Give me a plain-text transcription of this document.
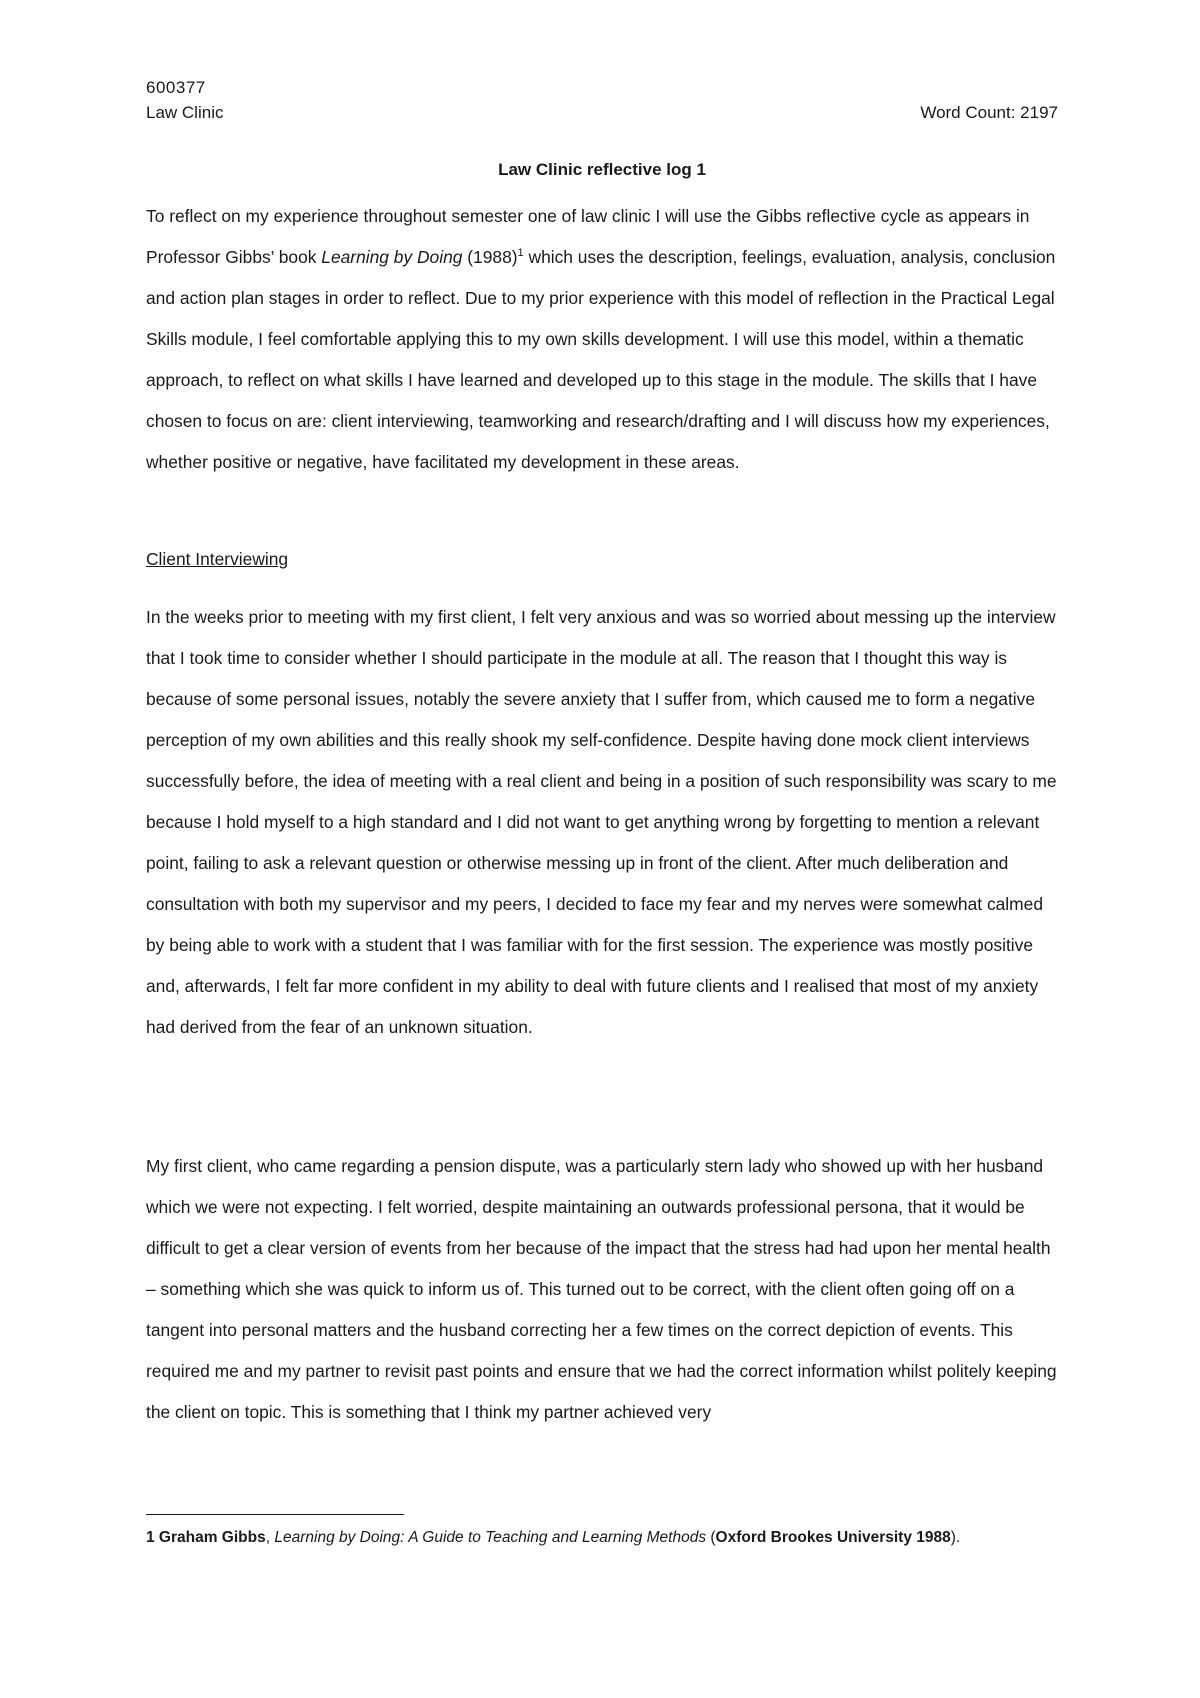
600377
Law Clinic	Word Count: 2197
Law Clinic reflective log 1

To reflect on my experience throughout semester one of law clinic I will use the Gibbs reflective cycle as appears in Professor Gibbs’ book Learning by Doing $(1988)^1$ which uses the description, feelings, evaluation, analysis, conclusion and action plan stages in order to reflect. Due to my prior experience with this model of reflection in the Practical Legal Skills module, I feel comfortable applying this to my own skills development. I will use this model, within a thematic approach, to reflect on what skills I have learned and developed up to this stage in the module. The skills that I have chosen to focus on are: client interviewing, teamworking and research/drafting and I will discuss how my experiences, whether positive or negative, have facilitated my development in these areas.

Client Interviewing

In the weeks prior to meeting with my first client, I felt very anxious and was so worried about messing up the interview that I took time to consider whether I should participate in the module at all. The reason that I thought this way is because of some personal issues, notably the severe anxiety that I suffer from, which caused me to form a negative perception of my own abilities and this really shook my self-confidence. Despite having done mock client interviews successfully before, the idea of meeting with a real client and being in a position of such responsibility was scary to me because I hold myself to a high standard and I did not want to get anything wrong by forgetting to mention a relevant point, failing to ask a relevant question or otherwise messing up in front of the client. After much deliberation and consultation with both my supervisor and my peers, I decided to face my fear and my nerves were somewhat calmed by being able to work with a student that I was familiar with for the first session. The experience was mostly positive and, afterwards, I felt far more confident in my ability to deal with future clients and I realised that most of my anxiety had derived from the fear of an unknown situation.

My first client, who came regarding a pension dispute, was a particularly stern lady who showed up with her husband which we were not expecting. I felt worried, despite maintaining an outwards professional persona, that it would be difficult to get a clear version of events from her because of the impact that the stress had had upon her mental health – something which she was quick to inform us of. This turned out to be correct, with the client often going off on a tangent into personal matters and the husband correcting her a few times on the correct depiction of events. This required me and my partner to revisit past points and ensure that we had the correct information whilst politely keeping the client on topic. This is something that I think my partner achieved very

1 Graham Gibbs, Learning by Doing: A Guide to Teaching and Learning Methods (Oxford Brookes University 1988).
